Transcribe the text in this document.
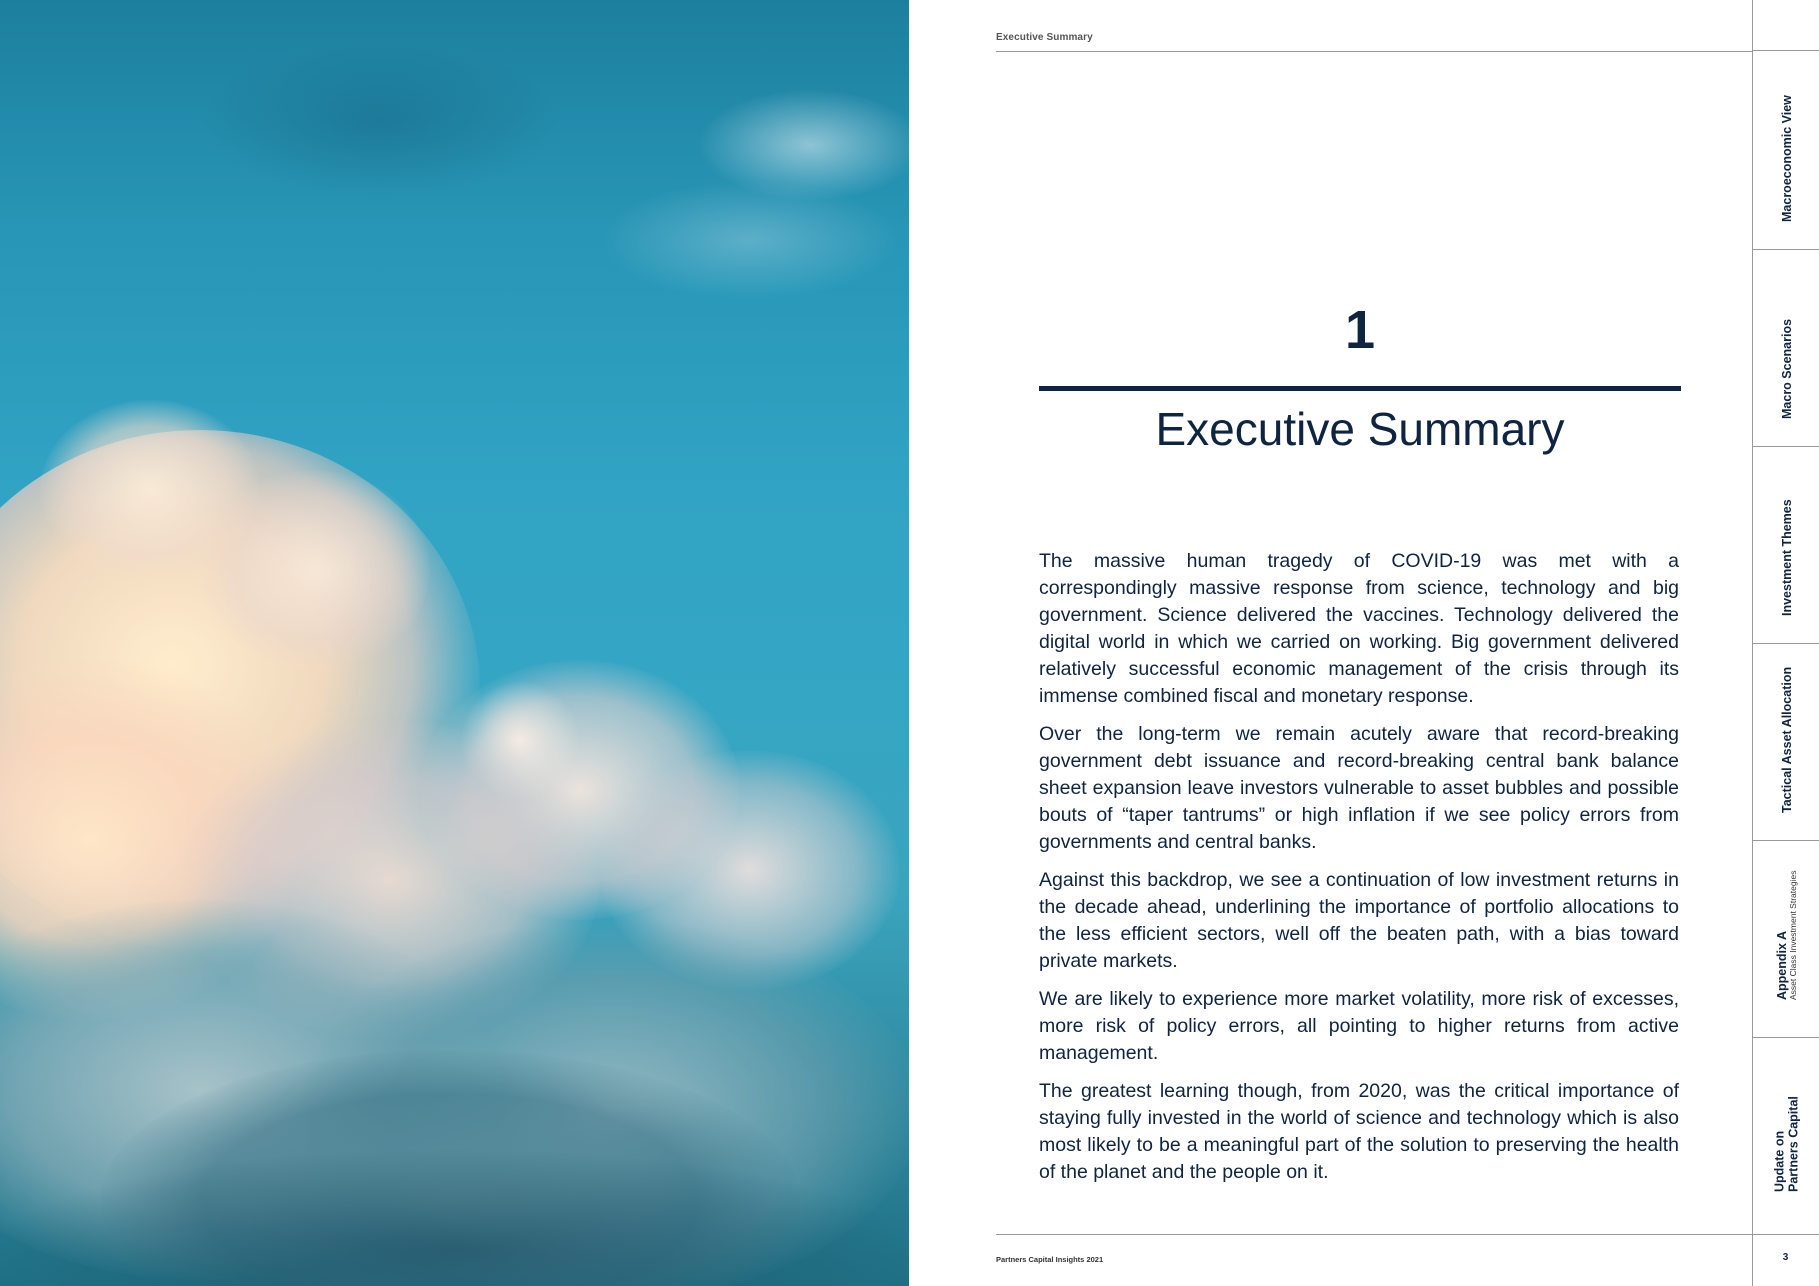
Executive Summary
1
Executive Summary

The massive human tragedy of COVID-19 was met with a correspondingly massive response from science, technology and big government. Science delivered the vaccines. Technology delivered the digital world in which we carried on working. Big government delivered relatively successful economic management of the crisis through its immense combined fiscal and monetary response.

Over the long-term we remain acutely aware that record-breaking government debt issuance and record-breaking central bank balance sheet expansion leave investors vulnerable to asset bubbles and possible bouts of “taper tantrums” or high inflation if we see policy errors from governments and central banks.

Against this backdrop, we see a continuation of low investment returns in the decade ahead, underlining the importance of portfolio allocations to the less efficient sectors, well off the beaten path, with a bias toward private markets.

We are likely to experience more market volatility, more risk of excesses, more risk of policy errors, all pointing to higher returns from active management.

The greatest learning though, from 2020, was the critical importance of staying fully invested in the world of science and technology which is also most likely to be a meaningful part of the solution to preserving the health of the planet and the people on it.

Partners Capital Insights 2021
Macroeconomic View
Macro Scenarios
Investment Themes
Tactical Asset Allocation
Appendix A Asset Class Investment Strategies
Update on Partners Capital
3
